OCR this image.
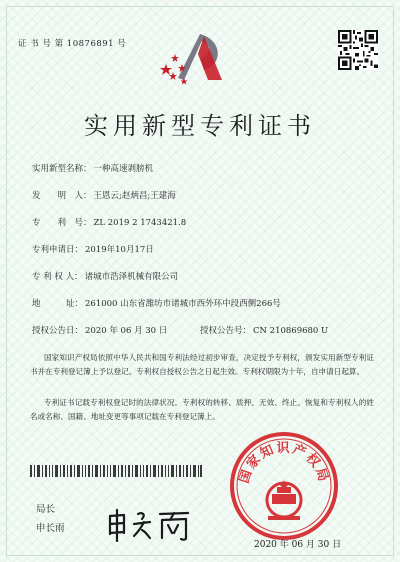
证 书 号 第 10876891 号
实用新型专利证书
实用新型名称： 一种高速剥膀机
发　　明　人： 王恩云;赵炳昌;王建海
专　　利　号： ZL 2019 2 1743421.8
专利申请日： 2019年10月17日
专 利 权 人： 诸城市浩泽机械有限公司
地　　　址： 261000 山东省潍坊市诸城市西外环中段西侧266号
授权公告日： 2020 年 06 月 30 日	授权公告号： CN 210869680 U
国家知识产权局依照中华人民共和国专利法经过初步审查，决定授予专利权，颁发实用新型专利证书并在专利登记簿上予以登记。专利权自授权公告之日起生效。专利权期限为十年，自申请日起算。
专利证书记载专利权登记时的法律状况。专利权的转移、质押、无效、终止、恢复和专利权人的姓名或名称、国籍、地址变更等事项记载在专利登记簿上。
局长
申长雨
国家知识产权局
2020 年 06 月 30 日
